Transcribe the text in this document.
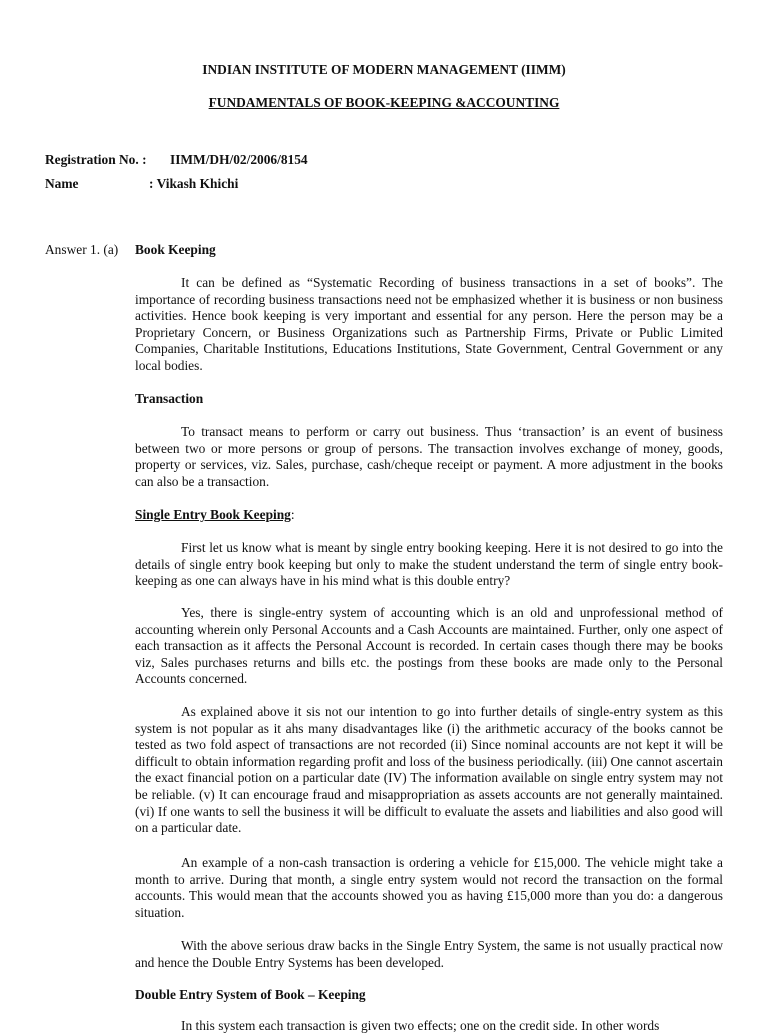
INDIAN INSTITUTE OF MODERN MANAGEMENT (IIMM)
FUNDAMENTALS OF BOOK-KEEPING &ACCOUNTING
Registration No. : IIMM/DH/02/2006/8154
Name	: Vikash Khichi
Answer 1. (a) Book Keeping
It can be defined as “Systematic Recording of business transactions in a set of books”. The importance of recording business transactions need not be emphasized whether it is business or non business activities. Hence book keeping is very important and essential for any person. Here the person may be a Proprietary Concern, or Business Organizations such as Partnership Firms, Private or Public Limited Companies, Charitable Institutions, Educations Institutions, State Government, Central Government or any local bodies.
Transaction
To transact means to perform or carry out business. Thus ‘transaction’ is an event of business between two or more persons or group of persons. The transaction involves exchange of money, goods, property or services, viz. Sales, purchase, cash/cheque receipt or payment. A more adjustment in the books can also be a transaction.
Single Entry Book Keeping:
First let us know what is meant by single entry booking keeping. Here it is not desired to go into the details of single entry book keeping but only to make the student understand the term of single entry book-keeping as one can always have in his mind what is this double entry?
Yes, there is single-entry system of accounting which is an old and unprofessional method of accounting wherein only Personal Accounts and a Cash Accounts are maintained. Further, only one aspect of each transaction as it affects the Personal Account is recorded. In certain cases though there may be books viz, Sales purchases returns and bills etc. the postings from these books are made only to the Personal Accounts concerned.
As explained above it sis not our intention to go into further details of single-entry system as this system is not popular as it ahs many disadvantages like (i) the arithmetic accuracy of the books cannot be tested as two fold aspect of transactions are not recorded (ii) Since nominal accounts are not kept it will be difficult to obtain information regarding profit and loss of the business periodically. (iii) One cannot ascertain the exact financial potion on a particular date (IV) The information available on single entry system may not be reliable. (v) It can encourage fraud and misappropriation as assets accounts are not generally maintained. (vi) If one wants to sell the business it will be difficult to evaluate the assets and liabilities and also good will on a particular date.
An example of a non-cash transaction is ordering a vehicle for £15,000. The vehicle might take a month to arrive. During that month, a single entry system would not record the transaction on the formal accounts. This would mean that the accounts showed you as having £15,000 more than you do: a dangerous situation.
With the above serious draw backs in the Single Entry System, the same is not usually practical now and hence the Double Entry Systems has been developed.
Double Entry System of Book – Keeping
In this system each transaction is given two effects; one on the credit side. In other words
